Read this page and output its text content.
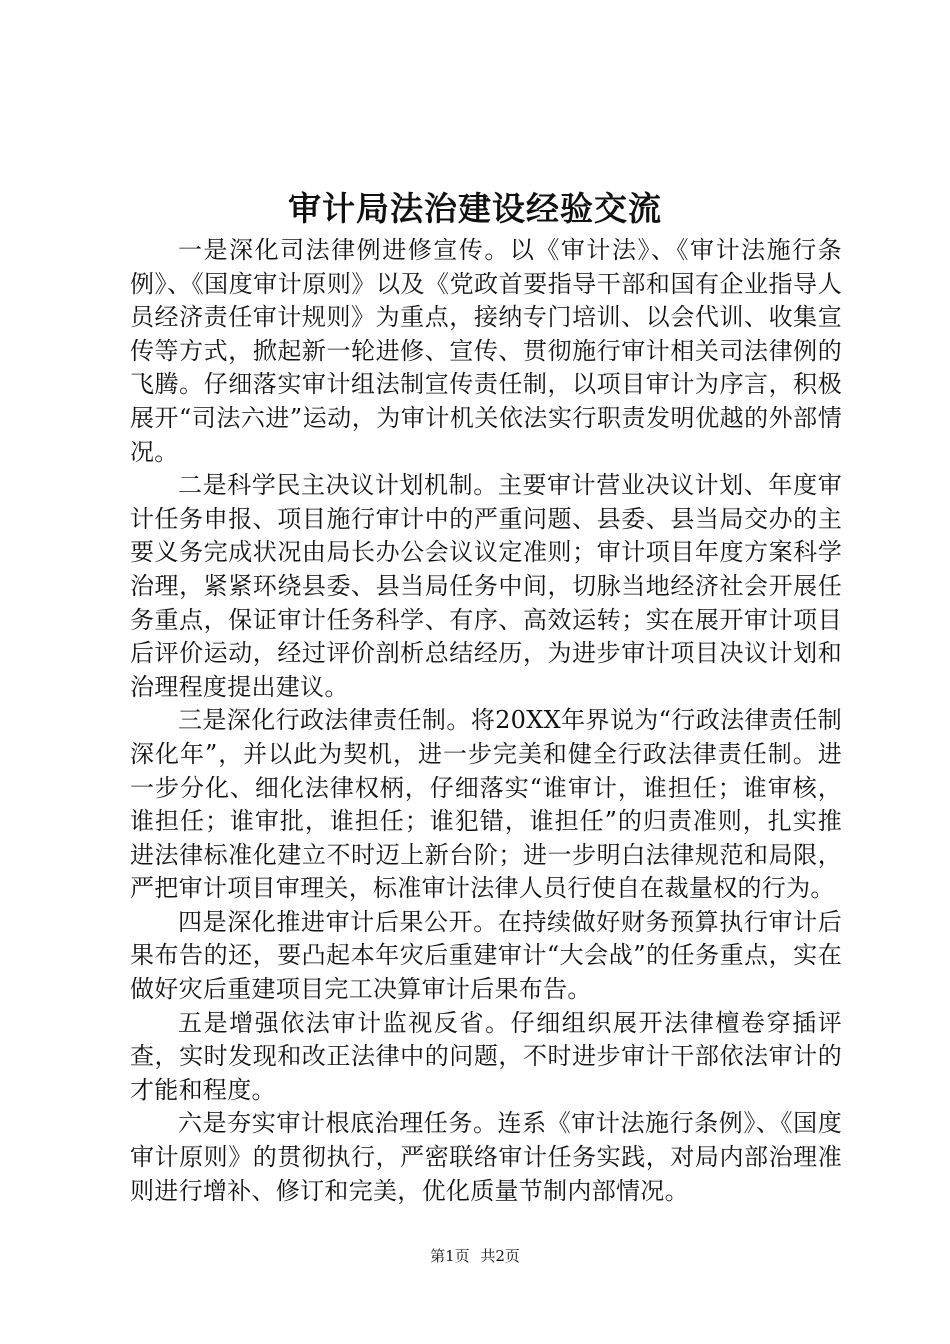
审计局法治建设经验交流

一是深化司法律例进修宣传。以《审计法》、《审计法施行条例》、《国度审计原则》以及《党政首要指导干部和国有企业指导人员经济责任审计规则》为重点，接纳专门培训、以会代训、收集宣传等方式，掀起新一轮进修、宣传、贯彻施行审计相关司法律例的飞腾。仔细落实审计组法制宣传责任制，以项目审计为序言，积极展开“司法六进”运动，为审计机关依法实行职责发明优越的外部情况。

二是科学民主决议计划机制。主要审计营业决议计划、年度审计任务申报、项目施行审计中的严重问题、县委、县当局交办的主要义务完成状况由局长办公会议议定准则；审计项目年度方案科学治理，紧紧环绕县委、县当局任务中间，切脉当地经济社会开展任务重点，保证审计任务科学、有序、高效运转；实在展开审计项目后评价运动，经过评价剖析总结经历，为进步审计项目决议计划和治理程度提出建议。

三是深化行政法律责任制。将20XX年界说为“行政法律责任制深化年”，并以此为契机，进一步完美和健全行政法律责任制。进一步分化、细化法律权柄，仔细落实“谁审计，谁担任；谁审核，谁担任；谁审批，谁担任；谁犯错，谁担任”的归责准则，扎实推进法律标准化建立不时迈上新台阶；进一步明白法律规范和局限，严把审计项目审理关，标准审计法律人员行使自在裁量权的行为。

四是深化推进审计后果公开。在持续做好财务预算执行审计后果布告的还，要凸起本年灾后重建审计“大会战”的任务重点，实在做好灾后重建项目完工决算审计后果布告。

五是增强依法审计监视反省。仔细组织展开法律檀卷穿插评查，实时发现和改正法律中的问题，不时进步审计干部依法审计的才能和程度。

六是夯实审计根底治理任务。连系《审计法施行条例》、《国度审计原则》的贯彻执行，严密联络审计任务实践，对局内部治理准则进行增补、修订和完美，优化质量节制内部情况。

第1页 共2页
